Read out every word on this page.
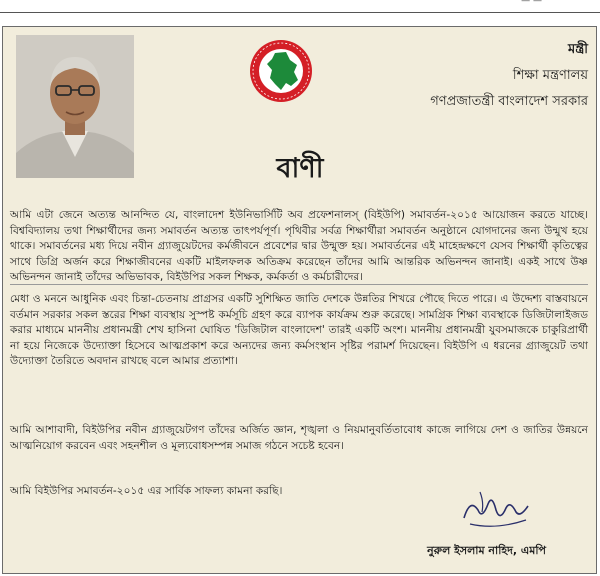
— —
মন্ত্রী
শিক্ষা মন্ত্রণালয়
গণপ্রজাতন্ত্রী বাংলাদেশ সরকার
বাণী
আমি এটা জেনে অত্যন্ত আনন্দিত যে, বাংলাদেশ ইউনিভার্সিটি অব প্রফেশনালস্ (বিইউপি) সমাবর্তন-২০১৫ আয়োজন করতে যাচ্ছে। বিশ্ববিদ্যালয় তথা শিক্ষার্থীদের জন্য সমাবর্তন অত্যন্ত তাৎপর্যপূর্ণ। পৃথিবীর সর্বত্র শিক্ষার্থীরা সমাবর্তন অনুষ্ঠানে যোগদানের জন্য উন্মুখ হয়ে থাকে। সমাবর্তনের মধ্য দিয়ে নবীন গ্র্যাজুয়েটদের কর্মজীবনে প্রবেশের দ্বার উন্মুক্ত হয়। সমাবর্তনের এই মাহেন্দ্রক্ষণে যেসব শিক্ষার্থী কৃতিত্বের সাথে ডিগ্রি অর্জন করে শিক্ষাজীবনের একটি মাইলফলক অতিক্রম করেছেন তাঁদের আমি আন্তরিক অভিনন্দন জানাই। একই সাথে উষ্ণ অভিনন্দন জানাই তাঁদের অভিভাবক, বিইউপির সকল শিক্ষক, কর্মকর্তা ও কর্মচারীদের।
মেধা ও মননে আধুনিক এবং চিন্তা-চেতনায় প্রাগ্রসর একটি সুশিক্ষিত জাতি দেশকে উন্নতির শিখরে পৌছে দিতে পারে। এ উদ্দেশ্য বাস্তবায়নে বর্তমান সরকার সকল স্তরের শিক্ষা ব্যবস্থায় সুস্পষ্ট কর্মসূচি গ্রহণ করে ব্যাপক কার্যক্রম শুরু করেছে। সামগ্রিক শিক্ষা ব্যবস্থাকে ডিজিটালাইজড করার মাধ্যমে মাননীয় প্রধানমন্ত্রী শেখ হাসিনা ঘোষিত 'ডিজিটাল বাংলাদেশ' তারই একটি অংশ। মাননীয় প্রধানমন্ত্রী যুবসমাজকে চাকুরিপ্রার্থী না হয়ে নিজেকে উদ্যোক্তা হিসেবে আত্মপ্রকাশ করে অন্যদের জন্য কর্মসংস্থান সৃষ্টির পরামর্শ দিয়েছেন। বিইউপি এ ধরনের গ্র্যাজুয়েট তথা উদ্যোক্তা তৈরিতে অবদান রাখছে বলে আমার প্রত্যাশা।
আমি আশাবাদী, বিইউপির নবীন গ্র্যাজুয়েটগণ তাঁদের অর্জিত জ্ঞান, শৃঙ্খলা ও নিয়মানুবর্তিতাবোধ কাজে লাগিয়ে দেশ ও জাতির উন্নয়নে আত্মনিয়োগ করবেন এবং সহনশীল ও মূল্যবোধসম্পন্ন সমাজ গঠনে সচেষ্ট হবেন।
আমি বিইউপির সমাবর্তন-২০১৫ এর সার্বিক সাফল্য কামনা করছি।
নুরুল ইসলাম নাহিদ, এমপি
